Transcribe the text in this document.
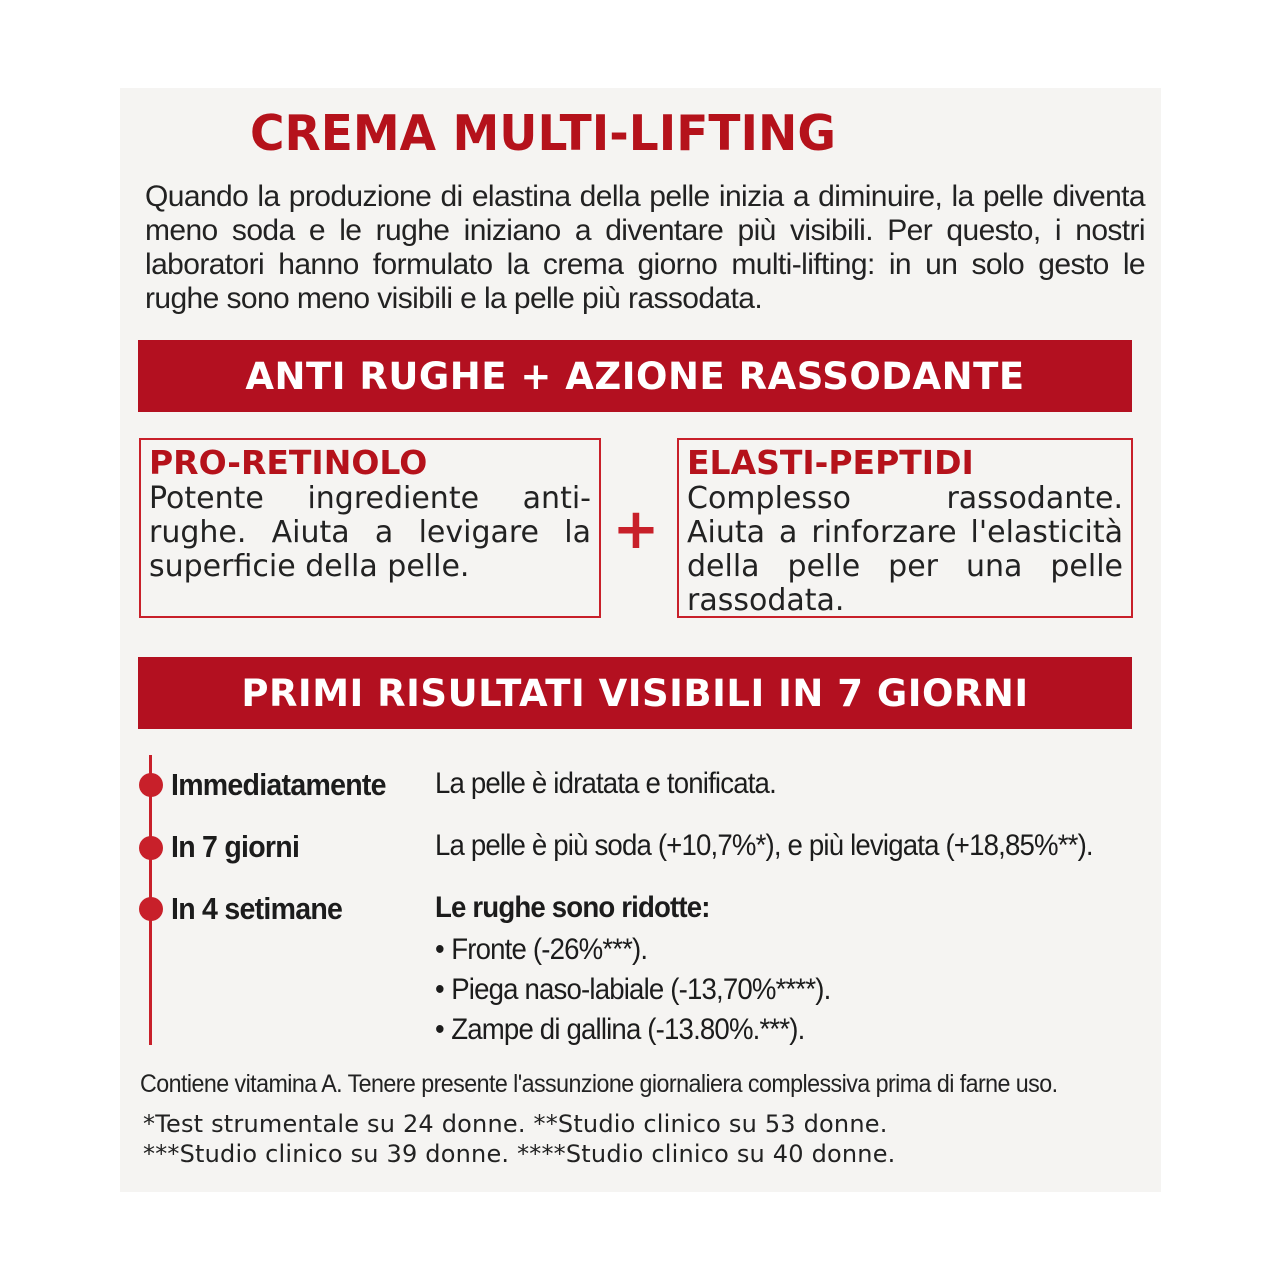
CREMA MULTI-LIFTING

Quando la produzione di elastina della pelle inizia a diminuire, la pelle diventa meno soda e le rughe iniziano a diventare più visibili. Per questo, i nostri laboratori hanno formulato la crema giorno multi-lifting: in un solo gesto le rughe sono meno visibili e la pelle più rassodata.

ANTI RUGHE + AZIONE RASSODANTE
PRO-RETINOLO

Potente ingrediente anti-rughe. Aiuta a levigare la superficie della pelle.

+
ELASTI-PEPTIDI

Complesso rassodante. Aiuta a rinforzare l'elasticità della pelle per una pelle rassodata.

PRIMI RISULTATI VISIBILI IN 7 GIORNI
Immediatamente La pelle è idratata e tonificata.
In 7 giorni	La pelle è più soda (+10,7%*), e più levigata (+18,85%**).
In 4 setimane	Le rughe sono ridotte:
• Fronte (-26%***).
• Piega naso-labiale (-13,70%****).
• Zampe di gallina (-13.80%.***).

Contiene vitamina A. Tenere presente l'assunzione giornaliera complessiva prima di farne uso.

*Test strumentale su 24 donne. **Studio clinico su 53 donne.

***Studio clinico su 39 donne. ****Studio clinico su 40 donne.
